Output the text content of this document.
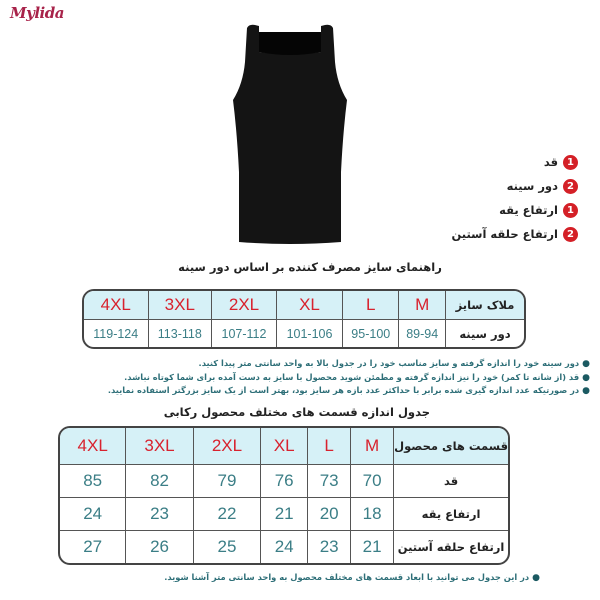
Mylida
1
قد
2
دور سینه
1
ارتفاع یقه
2
ارتفاع حلقه آستین
راهنمای سایز مصرف کننده بر اساس دور سینه
ملاک سایز	M	L	XL	2XL	3XL	4XL
دور سینه	89-94	95-100	101-106	107-112	113-118	119-124
●دور سینه خود را اندازه گرفته و سایز مناسب خود را در جدول بالا به واحد سانتی متر پیدا کنید.
●قد (از شانه تا کمر) خود را نیز اندازه گرفته و مطمئن شوید محصول با سایز به دست آمده برای شما کوتاه نباشد.
●در صورتیکه عدد اندازه گیری شده برابر با حداکثر عدد بازه هر سایز بود، بهتر است از یک سایز بزرگتر استفاده نمایید.
جدول اندازه قسمت های مختلف محصول رکابی
قسمت های محصول	M	L	XL	2XL	3XL	4XL
قد	70	73	76	79	82	85
ارتفاع یقه	18	20	21	22	23	24
ارتفاع حلقه آستین	21	23	24	25	26	27
●در این جدول می توانید با ابعاد قسمت های مختلف محصول به واحد سانتی متر آشنا شوید.
